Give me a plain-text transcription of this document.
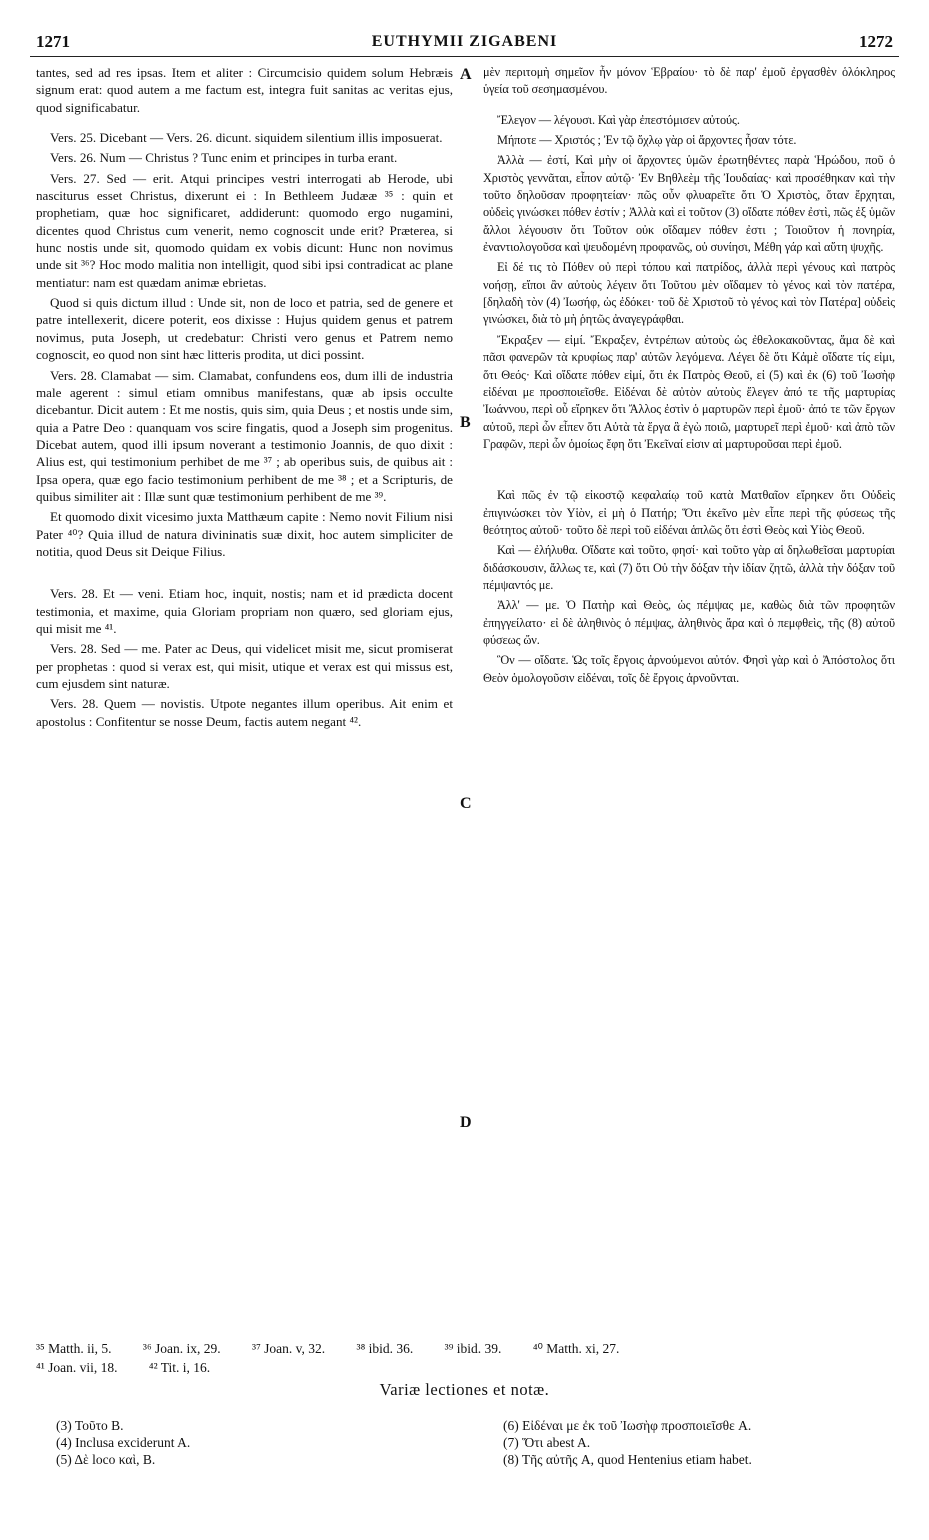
1271	EUTHYMII ZIGABENI	1272

tantes, sed ad res ipsas. Item et aliter : Circumcisio quidem solum Hebræis signum erat: quod autem a me factum est, integra fuit sanitas ac veritas ejus, quod significabatur.

Vers. 25. Dicebant — Vers. 26. dicunt. siquidem silentium illis imposuerat.

Vers. 26. Num — Christus ? Tunc enim et principes in turba erant.

Vers. 27. Sed — erit. Atqui principes vestri interrogati ab Herode, ubi nasciturus esset Christus, dixerunt ei : In Bethleem Judææ ³⁵ : quin et prophetiam, quæ hoc significaret, addiderunt: quomodo ergo nugamini, dicentes quod Christus cum venerit, nemo cognoscit unde erit? Præterea, si hunc nostis unde sit, quomodo quidam ex vobis dicunt: Hunc non novimus unde sit ³⁶? Hoc modo malitia non intelligit, quod sibi ipsi contradicat ac plane mentiatur: nam est quædam animæ ebrietas.

Quod si quis dictum illud : Unde sit, non de loco et patria, sed de genere et patre intellexerit, dicere poterit, eos dixisse : Hujus quidem genus et patrem novimus, puta Joseph, ut credebatur: Christi vero genus et Patrem nemo cognoscit, eo quod non sint hæc litteris prodita, ut dici possint.

Vers. 28. Clamabat — sim. Clamabat, confundens eos, dum illi de industria male agerent : simul etiam omnibus manifestans, quæ ab ipsis occulte dicebantur. Dicit autem : Et me nostis, quis sim, quia Deus ; et nostis unde sim, quia a Patre Deo : quanquam vos scire fingatis, quod a Joseph sim progenitus. Dicebat autem, quod illi ipsum noverant a testimonio Joannis, de quo dixit : Alius est, qui testimonium perhibet de me ³⁷ ; ab operibus suis, de quibus ait : Ipsa opera, quæ ego facio testimonium perhibent de me ³⁸ ; et a Scripturis, de quibus similiter ait : Illæ sunt quæ testimonium perhibent de me ³⁹.

Et quomodo dixit vicesimo juxta Matthæum capite : Nemo novit Filium nisi Pater ⁴⁰? Quia illud de natura divininatis suæ dixit, hoc autem simpliciter de notitia, quod Deus sit Deique Filius.

Vers. 28. Et — veni. Etiam hoc, inquit, nostis; nam et id prædicta docent testimonia, et maxime, quia Gloriam propriam non quæro, sed gloriam ejus, qui misit me ⁴¹.

Vers. 28. Sed — me. Pater ac Deus, qui videlicet misit me, sicut promiserat per prophetas : quod si verax est, qui misit, utique et verax est qui missus est, cum ejusdem sint naturæ.

Vers. 28. Quem — novistis. Utpote negantes illum operibus. Ait enim et apostolus : Confitentur se nosse Deum, factis autem negant ⁴².

μὲν περιτομὴ σημεῖον ἦν μόνον Ἑβραίου· τὸ δὲ παρ' ἐμοῦ ἐργασθὲν ὁλόκληρος ὑγεία τοῦ σεσημασμένου.

Ἔλεγον — λέγουσι. Καὶ γὰρ ἐπεστόμισεν αὐτούς.

Μήποτε — Χριστός ; Ἐν τῷ ὄχλῳ γὰρ οἱ ἄρχοντες ἦσαν τότε.

Ἀλλὰ — ἐστί, Καὶ μὴν οἱ ἄρχοντες ὑμῶν ἐρωτηθέντες παρὰ Ἡρώδου, ποῦ ὁ Χριστὸς γεννᾶται, εἶπον αὐτῷ· Ἐν Βηθλεὲμ τῆς Ἰουδαίας· καὶ προσέθηκαν καὶ τὴν τοῦτο δηλοῦσαν προφητείαν· πῶς οὖν φλυαρεῖτε ὅτι Ὁ Χριστὸς, ὅταν ἔρχηται, οὐδεὶς γινώσκει πόθεν ἐστίν ; Ἀλλὰ καὶ εἰ τοῦτον (3) οἴδατε πόθεν ἐστὶ, πῶς ἐξ ὑμῶν ἄλλοι λέγουσιν ὅτι Τοῦτον οὐκ οἴδαμεν πόθεν ἐστι ; Τοιοῦτον ἡ πονηρία, ἐναντιολογοῦσα καὶ ψευδομένη προφανῶς, οὐ συνίησι, Μέθη γάρ καὶ αὕτη ψυχῆς.

Εἰ δέ τις τὸ Πόθεν οὐ περὶ τόπου καὶ πατρίδος, ἀλλὰ περὶ γένους καὶ πατρὸς νοήσῃ, εἴποι ἂν αὐτοὺς λέγειν ὅτι Τοῦτου μὲν οἴδαμεν τὸ γένος καὶ τὸν πατέρα, [δηλαδὴ τὸν (4) Ἰωσήφ, ὡς ἐδόκει· τοῦ δὲ Χριστοῦ τὸ γένος καὶ τὸν Πατέρα] οὐδεὶς γινώσκει, διὰ τὸ μὴ ῥητῶς ἀναγεγράφθαι.

Ἔκραξεν — εἰμί. Ἔκραξεν, ἐντρέπων αὐτοὺς ὡς ἐθελοκακοῦντας, ἅμα δὲ καὶ πᾶσι φανερῶν τὰ κρυφίως παρ' αὐτῶν λεγόμενα. Λέγει δὲ ὅτι Κἀμὲ οἴδατε τίς εἰμι, ὅτι Θεός· Καὶ οἴδατε πόθεν εἰμί, ὅτι ἐκ Πατρὸς Θεοῦ, εἰ (5) καὶ ἐκ (6) τοῦ Ἰωσὴφ εἰδέναι με προσποιεῖσθε. Εἰδέναι δὲ αὐτὸν αὐτοὺς ἔλεγεν ἀπό τε τῆς μαρτυρίας Ἰωάννου, περὶ οὗ εἴρηκεν ὅτι Ἄλλος ἐστὶν ὁ μαρτυρῶν περὶ ἐμοῦ· ἀπό τε τῶν ἔργων αὐτοῦ, περὶ ὧν εἶπεν ὅτι Αὐτὰ τὰ ἔργα ἃ ἐγὼ ποιῶ, μαρτυρεῖ περὶ ἐμοῦ· καὶ ἀπὸ τῶν Γραφῶν, περὶ ὧν ὁμοίως ἔφη ὅτι Ἐκεῖναί εἰσιν αἱ μαρτυροῦσαι περὶ ἐμοῦ.

Καὶ πῶς ἐν τῷ εἰκοστῷ κεφαλαίῳ τοῦ κατὰ Ματθαῖον εἴρηκεν ὅτι Οὐδεὶς ἐπιγινώσκει τὸν Υἱὸν, εἰ μὴ ὁ Πατήρ; Ὅτι ἐκεῖνο μὲν εἶπε περὶ τῆς φύσεως τῆς θεότητος αὐτοῦ· τοῦτο δὲ περὶ τοῦ εἰδέναι ἁπλῶς ὅτι ἐστὶ Θεὸς καὶ Υἱὸς Θεοῦ.

Καὶ — ἐλήλυθα. Οἴδατε καὶ τοῦτο, φησί· καὶ τοῦτο γὰρ αἱ δηλωθεῖσαι μαρτυρίαι διδάσκουσιν, ἄλλως τε, καὶ (7) ὅτι Οὐ τὴν δόξαν τὴν ἰδίαν ζητῶ, ἀλλὰ τὴν δόξαν τοῦ πέμψαντός με.

Ἀλλ' — με. Ὁ Πατὴρ καὶ Θεὸς, ὡς πέμψας με, καθὼς διὰ τῶν προφητῶν ἐπηγγείλατο· εἰ δὲ ἀληθινὸς ὁ πέμψας, ἀληθινὸς ἄρα καὶ ὁ πεμφθεὶς, τῆς (8) αὐτοῦ φύσεως ὤν.

Ὃν — οἴδατε. Ὡς τοῖς ἔργοις ἀρνούμενοι αὐτόν. Φησὶ γὰρ καὶ ὁ Ἀπόστολος ὅτι Θεὸν ὁμολογοῦσιν εἰδέναι, τοῖς δὲ ἔργοις ἀρνοῦνται.

A
B
C
D
³⁵ Matth. ii, 5. ³⁶ Joan. ix, 29. ³⁷ Joan. v, 32. ³⁸ ibid. 36. ³⁹ ibid. 39. ⁴⁰ Matth. xi, 27.
⁴¹ Joan. vii, 18. ⁴² Tit. i, 16.
Variæ lectiones et notæ.
(3) Τοῦτο B.
(4) Inclusa exciderunt A.
(5) Δὲ loco καὶ, B.
(6) Εἰδέναι με ἐκ τοῦ Ἰωσὴφ προσποιεῖσθε A.
(7) Ὅτι abest A.
(8) Τῆς αὐτῆς A, quod Hentenius etiam habet.
